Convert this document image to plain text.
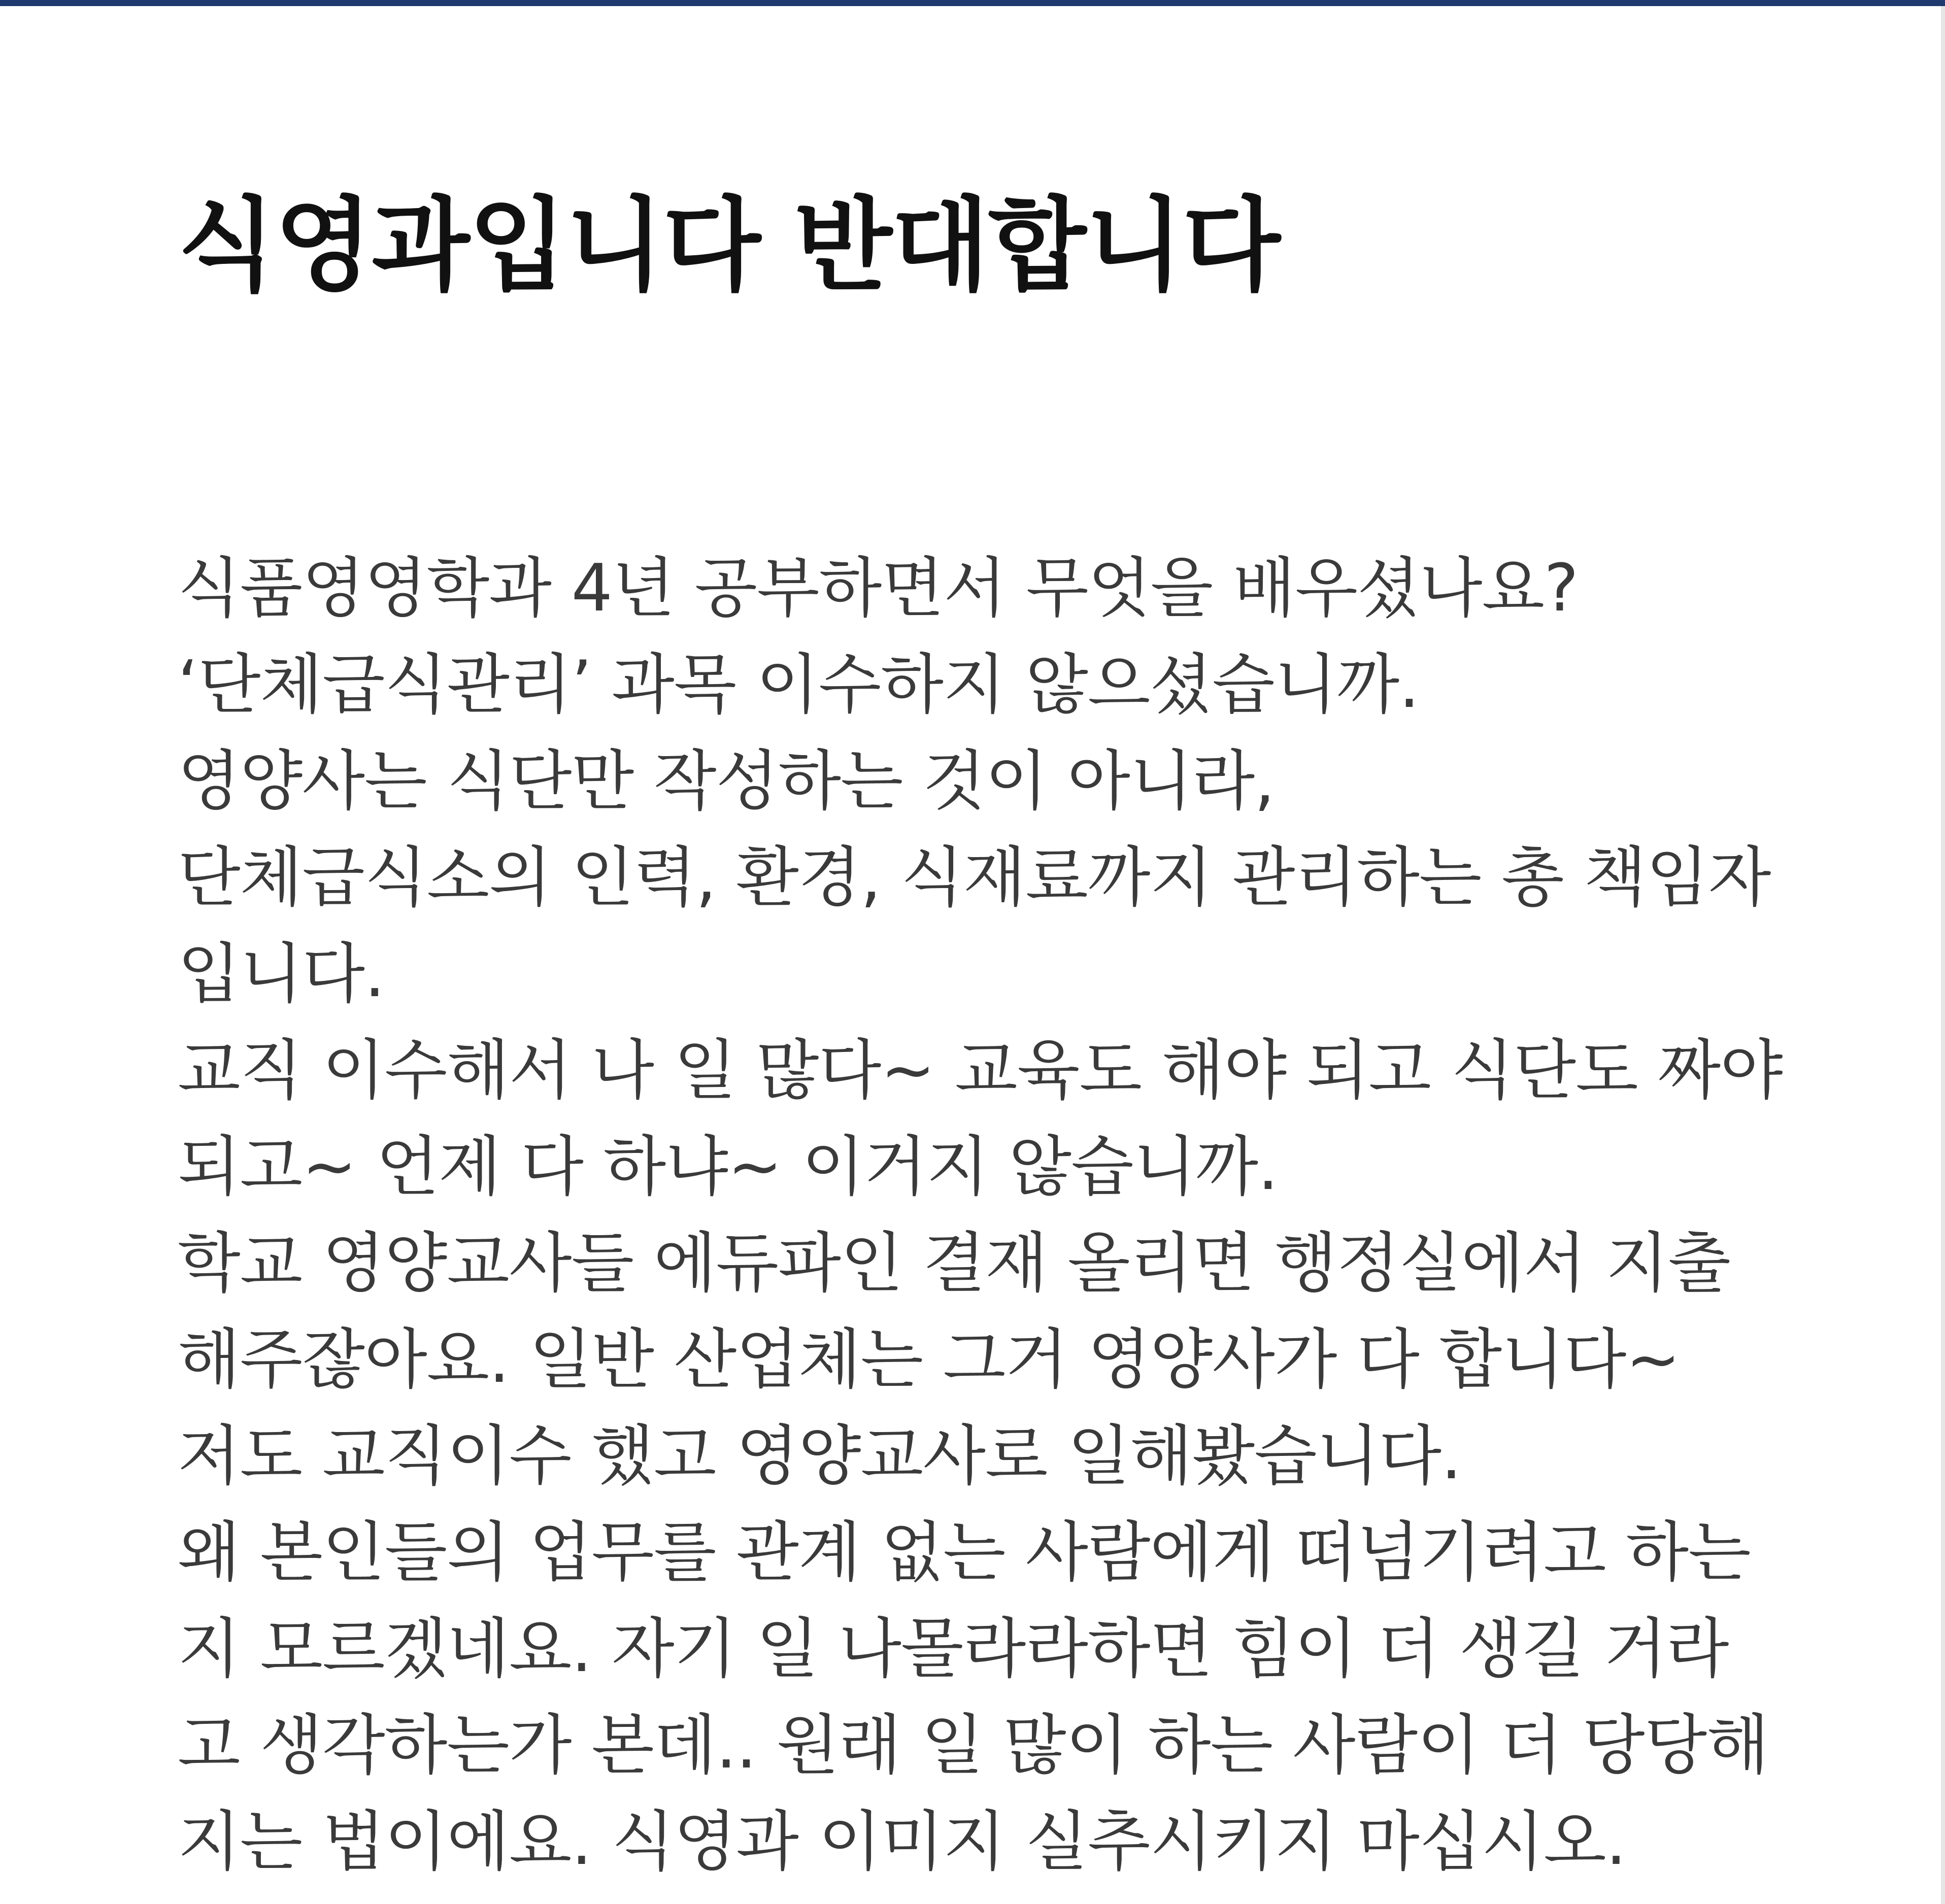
식영과입니다 반대합니다

식품영영학과 4년 공부하면서 무엇을 배우셨나요?

‘단체급식관리’ 과목 이수하지 않으셨습니까.

영양사는 식단만 작성하는 것이 아니라,

단체급식소의 인력, 환경, 식재료까지 관리하는 총 책임자

입니다.

교직 이수해서 나 일 많다~ 교육도 해야 되고 식단도 짜야

되고~ 언제 다 하냐~ 이거지 않습니까.

학교 영양교사들 에듀파인 결재 올리면 행정실에서 지출

해주잖아요. 일반 산업체는 그거 영양사가 다 합니다~

저도 교직이수 했고 영양교사로 일해봤습니다.

왜 본인들의 업무를 관계 없는 사람에게 떠넘기려고 하는

지 모르겠네요. 자기 일 나몰라라하면 힘이 더 생길 거라

고 생각하는가 본데.. 원래 일 많이 하는 사람이 더 당당해

지는 법이에요. 식영과 이미지 실추시키지 마십시오.
